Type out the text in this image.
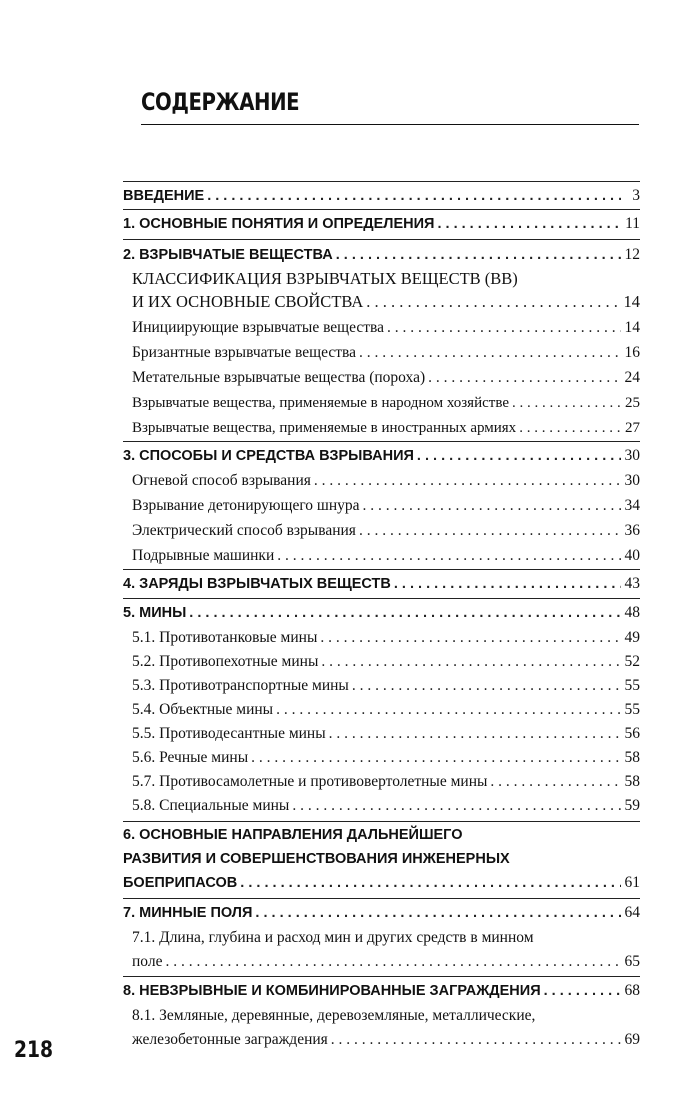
СОДЕРЖАНИЕ
ВВЕДЕНИЕ . . .	3
1. ОСНОВНЫЕ ПОНЯТИЯ И ОПРЕДЕЛЕНИЯ . . .	11
2. ВЗРЫВЧАТЫЕ ВЕЩЕСТВА . . .	12
КЛАССИФИКАЦИЯ ВЗРЫВЧАТЫХ ВЕЩЕСТВ (ВВ)
И ИХ ОСНОВНЫЕ СВОЙСТВА . . .	14
Инициирующие взрывчатые вещества . . .	14
Бризантные взрывчатые вещества . . .	16
Метательные взрывчатые вещества (пороха) . . .	24
Взрывчатые вещества, применяемые в народном хозяйстве . . .	25
Взрывчатые вещества, применяемые в иностранных армиях . . .	27
3. СПОСОБЫ И СРЕДСТВА ВЗРЫВАНИЯ . . .	30
Огневой способ взрывания . . .	30
Взрывание детонирующего шнура . . .	34
Электрический способ взрывания . . .	36
Подрывные машинки . . .	40
4. ЗАРЯДЫ ВЗРЫВЧАТЫХ ВЕЩЕСТВ . . .	43
5. МИНЫ . . .	48
5.1. Противотанковые мины . . .	49
5.2. Противопехотные мины . . .	52
5.3. Противотранспортные мины . . .	55
5.4. Объектные мины . . .	55
5.5. Противодесантные мины . . .	56
5.6. Речные мины . . .	58
5.7. Противосамолетные и противовертолетные мины . . .	58
5.8. Специальные мины . . .	59
6. ОСНОВНЫЕ НАПРАВЛЕНИЯ ДАЛЬНЕЙШЕГО
РАЗВИТИЯ И СОВЕРШЕНСТВОВАНИЯ ИНЖЕНЕРНЫХ
БОЕПРИПАСОВ . . .	61
7. МИННЫЕ ПОЛЯ . . .	64
7.1. Длина, глубина и расход мин и других средств в минном
поле . . .	65
8. НЕВЗРЫВНЫЕ И КОМБИНИРОВАННЫЕ ЗАГРАЖДЕНИЯ . . .	68
8.1. Земляные, деревянные, деревоземляные, металлические,
железобетонные заграждения . . .	69
218
